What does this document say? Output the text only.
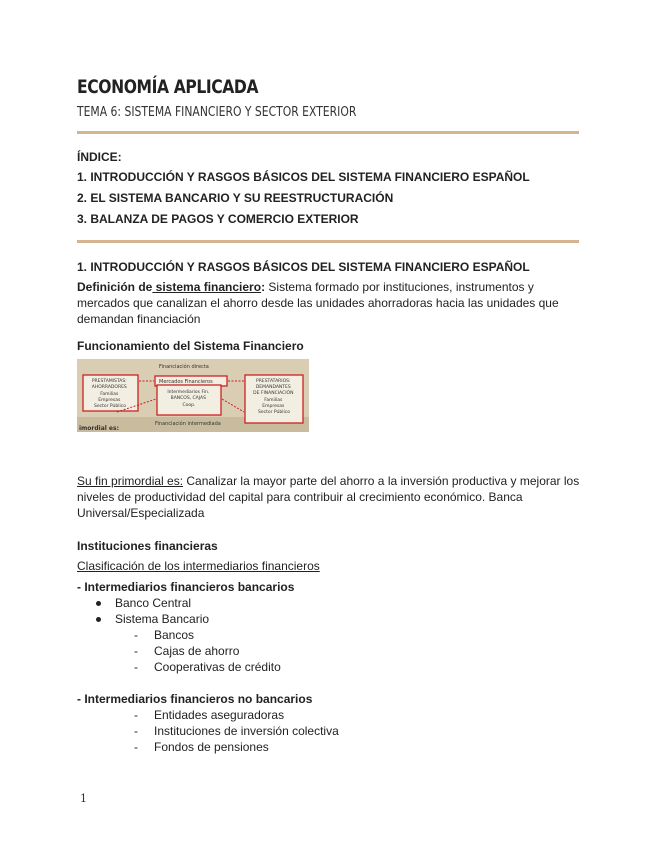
ECONOMÍA APLICADA
TEMA 6: SISTEMA FINANCIERO Y SECTOR EXTERIOR
ÍNDICE:
1. INTRODUCCIÓN Y RASGOS BÁSICOS DEL SISTEMA FINANCIERO ESPAÑOL
2. EL SISTEMA BANCARIO Y SU REESTRUCTURACIÓN
3. BALANZA DE PAGOS Y COMERCIO EXTERIOR
1. INTRODUCCIÓN Y RASGOS BÁSICOS DEL SISTEMA FINANCIERO ESPAÑOL
Definición de sistema financiero: Sistema formado por instituciones, instrumentos y mercados que canalizan el ahorro desde las unidades ahorradoras hacia las unidades que demandan financiación
Funcionamiento del Sistema Financiero
Financiación directa
Mercados Financieros
PRESTAMISTAS: AHORRADORES Familias Empresas Sector Público
PRESTATARIOS: DEMANDANTES DE FINANCIACIÓN Familias Empresas Sector Público
Intermediarios Fin. BANCOS, CAJAS Coop.
Financiación intermediada
imordial es:
Su fin primordial es: Canalizar la mayor parte del ahorro a la inversión productiva y mejorar los niveles de productividad del capital para contribuir al crecimiento económico. Banca Universal/Especializada
Instituciones financieras
Clasificación de los intermediarios financieros
- Intermediarios financieros bancarios
Banco Central
Sistema Bancario
- Bancos
- Cajas de ahorro
- Cooperativas de crédito
- Intermediarios financieros no bancarios
- Entidades aseguradoras
- Instituciones de inversión colectiva
- Fondos de pensiones
1
